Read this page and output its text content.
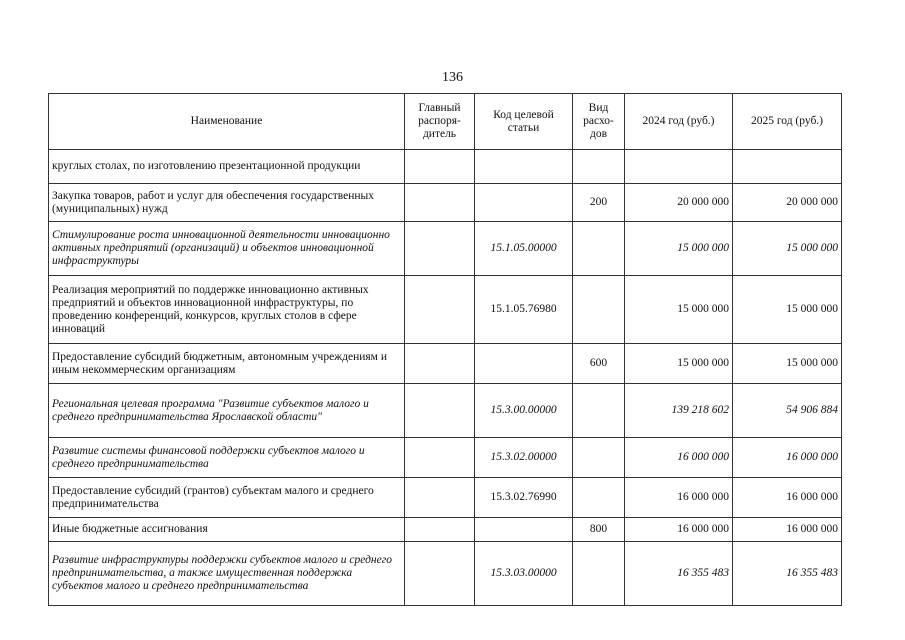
136
Наименование	Главный распоря-дитель	Код целевой статьи	Вид расхо-дов	2024 год (руб.)	2025 год (руб.)
круглых столах, по изготовлению презентационной продукции					
Закупка товаров, работ и услуг для обеспечения государственных (муниципальных) нужд			200	20 000 000	20 000 000
Стимулирование роста инновационной деятельности инновационно активных предприятий (организаций) и объектов инновационной инфраструктуры		15.1.05.00000		15 000 000	15 000 000
Реализация мероприятий по поддержке инновационно активных предприятий и объектов инновационной инфраструктуры, по проведению конференций, конкурсов, круглых столов в сфере инноваций		15.1.05.76980		15 000 000	15 000 000
Предоставление субсидий бюджетным, автономным учреждениям и иным некоммерческим организациям			600	15 000 000	15 000 000
Региональная целевая программа "Развитие субъектов малого и среднего предпринимательства Ярославской области"		15.3.00.00000		139 218 602	54 906 884
Развитие системы финансовой поддержки субъектов малого и среднего предпринимательства		15.3.02.00000		16 000 000	16 000 000
Предоставление субсидий (грантов) субъектам малого и среднего предпринимательства		15.3.02.76990		16 000 000	16 000 000
Иные бюджетные ассигнования			800	16 000 000	16 000 000
Развитие инфраструктуры поддержки субъектов малого и среднего предпринимательства, а также имущественная поддержка субъектов малого и среднего предпринимательства		15.3.03.00000		16 355 483	16 355 483
